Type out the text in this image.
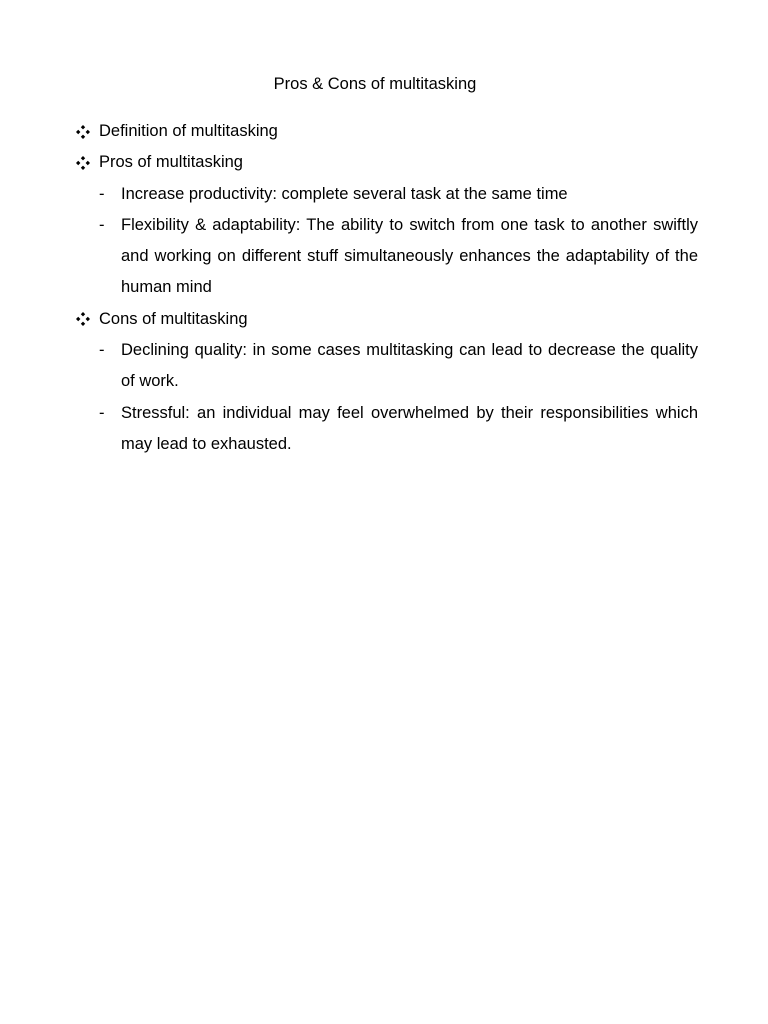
Pros & Cons of multitasking
Definition of multitasking
Pros of multitasking
- Increase productivity: complete several task at the same time
- Flexibility & adaptability: The ability to switch from one task to another swiftly and working on different stuff simultaneously enhances the adaptability of the human mind
Cons of multitasking
- Declining quality: in some cases multitasking can lead to decrease the quality of work.
- Stressful: an individual may feel overwhelmed by their responsibilities which may lead to exhausted.
